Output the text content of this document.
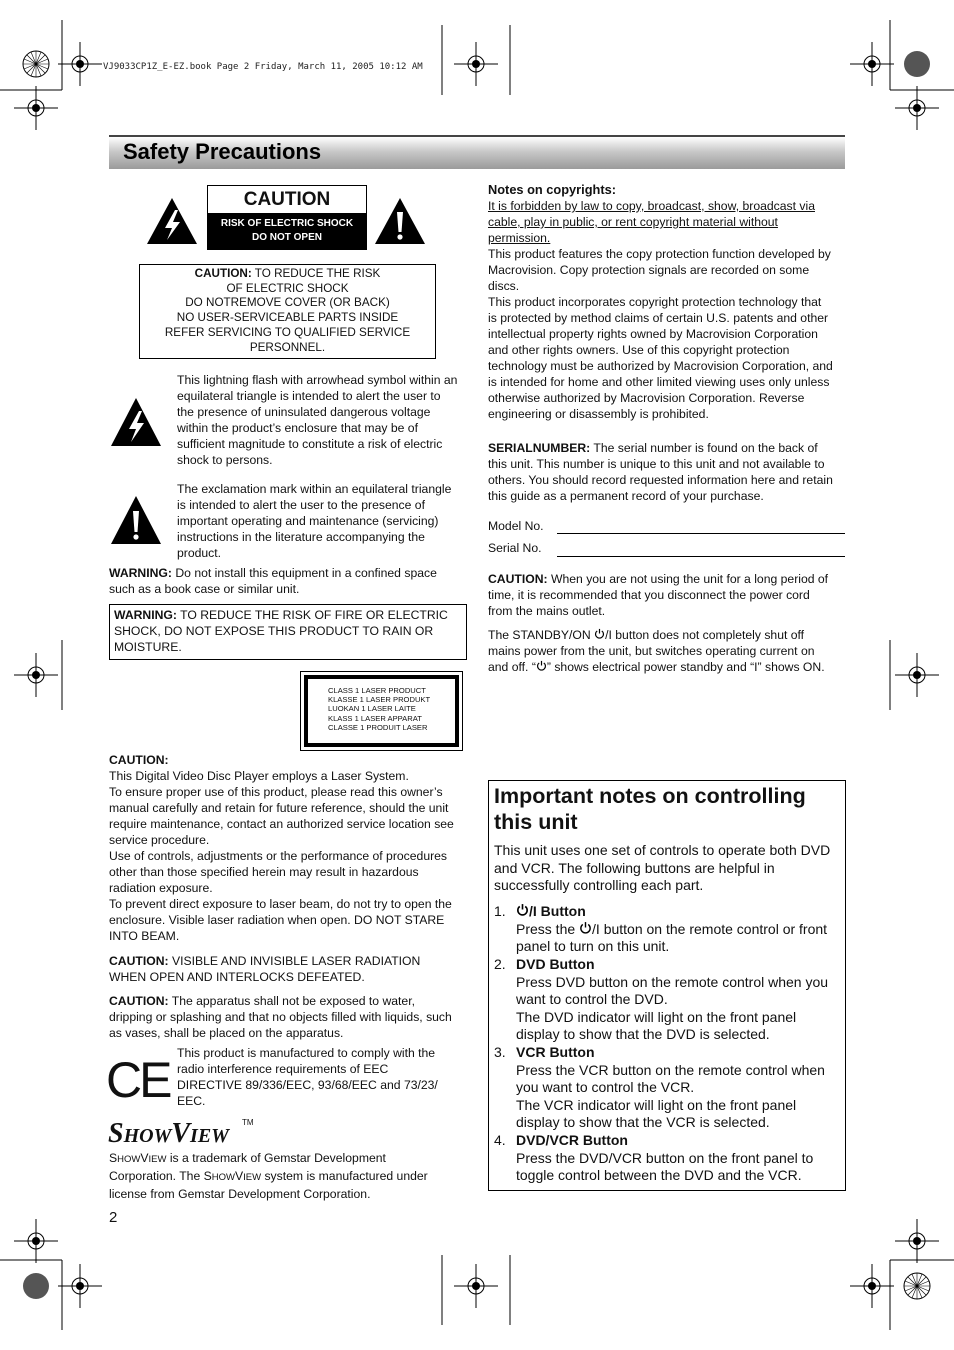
VJ9033CP1Z_E-EZ.book Page 2 Friday, March 11, 2005 10:12 AM
Safety Precautions
CAUTION
RISK OF ELECTRIC SHOCK
DO NOT OPEN
CAUTION: TO REDUCE THE RISK
OF ELECTRIC SHOCK
DO NOTREMOVE COVER (OR BACK)
NO USER-SERVICEABLE PARTS INSIDE
REFER SERVICING TO QUALIFIED SERVICE
PERSONNEL.

This lightning flash with arrowhead symbol within an

equilateral triangle is intended to alert the user to

the presence of uninsulated dangerous voltage

within the product’s enclosure that may be of

sufficient magnitude to constitute a risk of electric

shock to persons.

The exclamation mark within an equilateral triangle

is intended to alert the user to the presence of

important operating and maintenance (servicing)

instructions in the literature accompanying the

product.

WARNING: Do not install this equipment in a confined space

such as a book case or similar unit.

WARNING: TO REDUCE THE RISK OF FIRE OR ELECTRIC

SHOCK, DO NOT EXPOSE THIS PRODUCT TO RAIN OR

MOISTURE.

CLASS 1 LASER PRODUCT
KLASSE 1 LASER PRODUKT
LUOKAN 1 LASER LAITE
KLASS 1 LASER APPARAT
CLASSE 1 PRODUIT LASER

CAUTION:

This Digital Video Disc Player employs a Laser System.

To ensure proper use of this product, please read this owner’s

manual carefully and retain for future reference, should the unit

require maintenance, contact an authorized service location see

service procedure.

Use of controls, adjustments or the performance of procedures

other than those specified herein may result in hazardous

radiation exposure.

To prevent direct exposure to laser beam, do not try to open the

enclosure. Visible laser radiation when open. DO NOT STARE

INTO BEAM.

CAUTION: VISIBLE AND INVISIBLE LASER RADIATION

WHEN OPEN AND INTERLOCKS DEFEATED.

CAUTION: The apparatus shall not be exposed to water,

dripping or splashing and that no objects filled with liquids, such

as vases, shall be placed on the apparatus.

CE This product is manufactured to comply with the

radio interference requirements of EEC

DIRECTIVE 89/336/EEC, 93/68/EEC and 73/23/

EEC.

ShowView TM

SHOWVIEW is a trademark of Gemstar Development

Corporation. The SHOWVIEW system is manufactured under

license from Gemstar Development Corporation.

2

Notes on copyrights:

It is forbidden by law to copy, broadcast, show, broadcast via

cable, play in public, or rent copyright material without

permission.

This product features the copy protection function developed by

Macrovision. Copy protection signals are recorded on some

discs.

This product incorporates copyright protection technology that

is protected by method claims of certain U.S. patents and other

intellectual property rights owned by Macrovision Corporation

and other rights owners. Use of this copyright protection

technology must be authorized by Macrovision Corporation, and

is intended for home and other limited viewing uses only unless

otherwise authorized by Macrovision Corporation. Reverse

engineering or disassembly is prohibited.

SERIALNUMBER: The serial number is found on the back of

this unit. This number is unique to this unit and not available to

others. You should record requested information here and retain

this guide as a permanent record of your purchase.

Model No.
Serial No.

CAUTION: When you are not using the unit for a long period of

time, it is recommended that you disconnect the power cord

from the mains outlet.

The STANDBY/ON /I button does not completely shut off

mains power from the unit, but switches operating current on

and off. “ ” shows electrical power standby and “I” shows ON.

Important notes on controlling
this unit

This unit uses one set of controls to operate both DVD

and VCR. The following buttons are helpful in

successfully controlling each part.

1.	/I Button

Press the /I button on the remote control or front

panel to turn on this unit.

2. DVD Button

Press DVD button on the remote control when you

want to control the DVD.

The DVD indicator will light on the front panel

display to show that the DVD is selected.

3. VCR Button

Press the VCR button on the remote control when

you want to control the VCR.

The VCR indicator will light on the front panel

display to show that the VCR is selected.

4. DVD/VCR Button

Press the DVD/VCR button on the front panel to

toggle control between the DVD and the VCR.
